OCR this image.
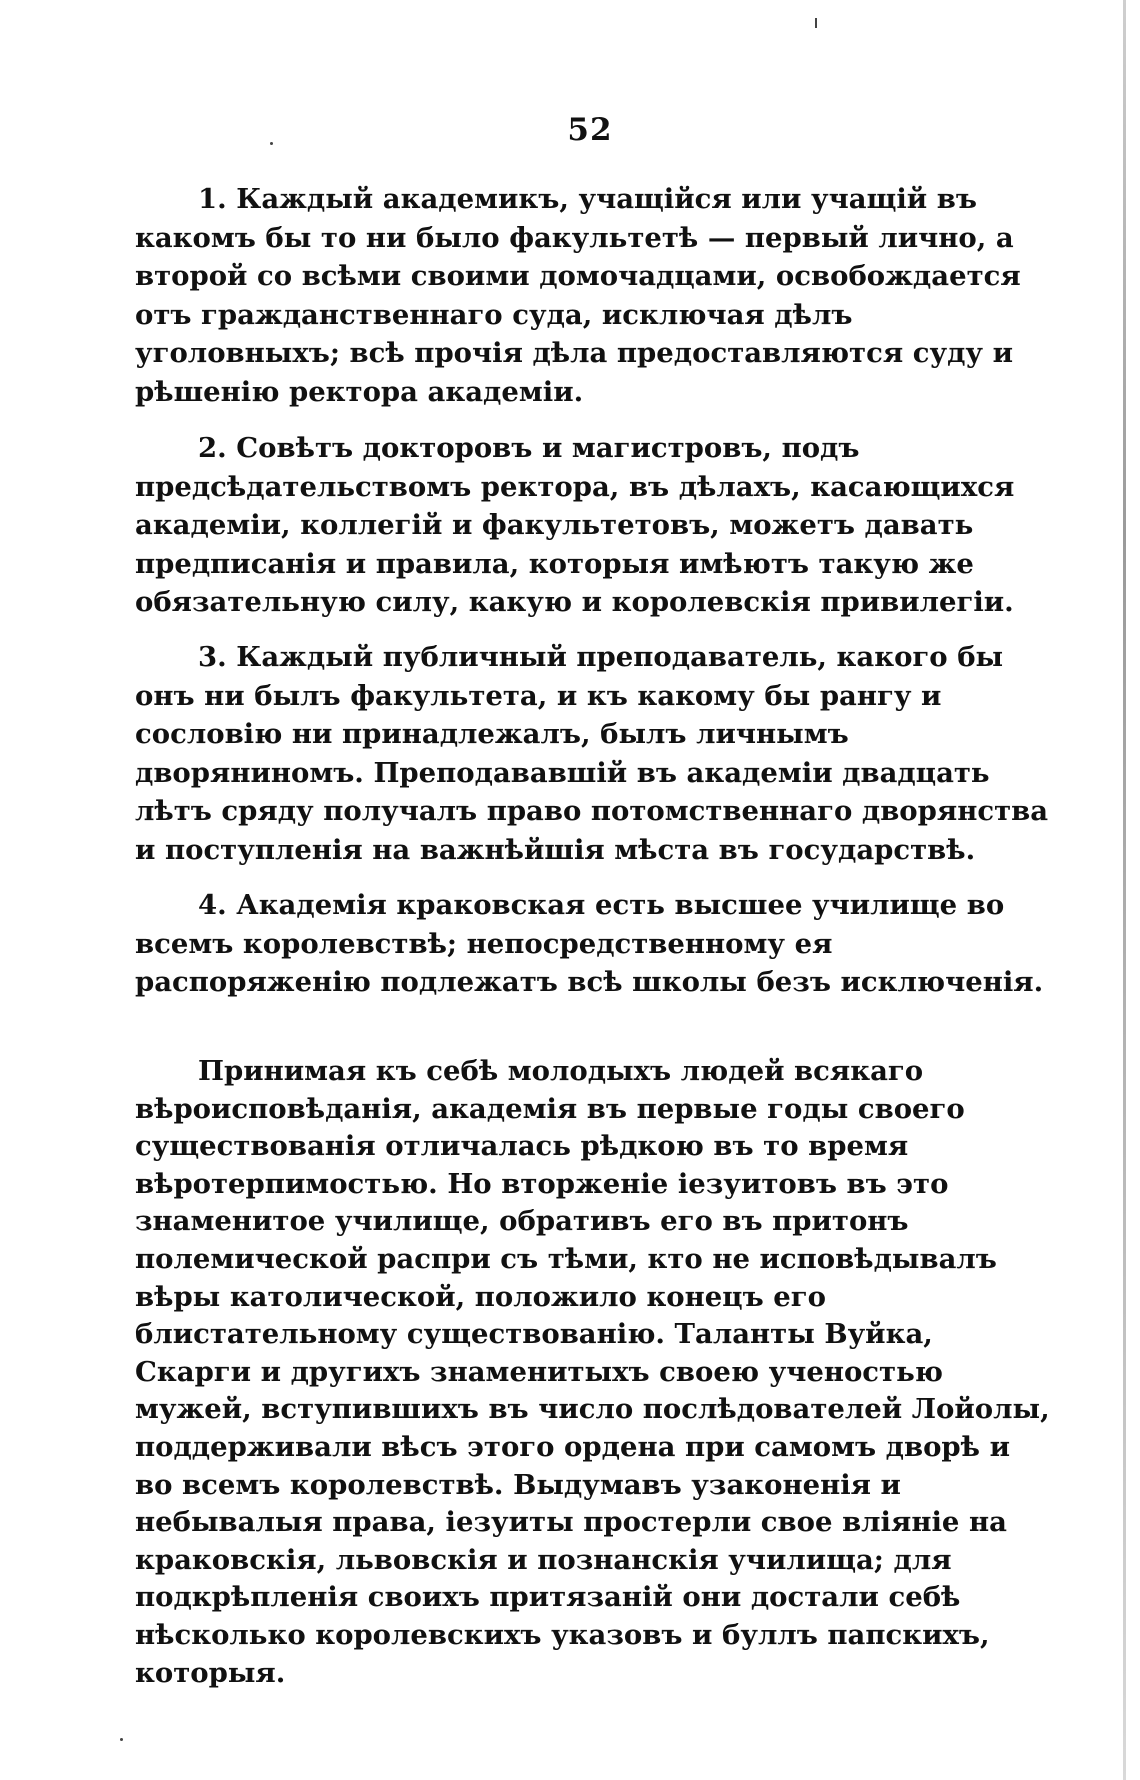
52

1. Каждый академикъ, учащійся или учащій въ какомъ бы то ни было факультетѣ — первый лично, а второй со всѣми своими домочадцами, освобождается отъ гражданственнаго суда, исключая дѣлъ уголовныхъ; всѣ прочія дѣла предоставляются суду и рѣшенію ректора академіи.

2. Совѣтъ докторовъ и магистровъ, подъ предсѣдательствомъ ректора, въ дѣлахъ, касающихся академіи, коллегій и факультетовъ, можетъ давать предписанія и правила, которыя имѣютъ такую же обязательную силу, какую и королевскія привилегіи.

3. Каждый публичный преподаватель, какого бы онъ ни былъ факультета, и къ какому бы рангу и сословію ни принадлежалъ, былъ личнымъ дворяниномъ. Преподававшій въ академіи двадцать лѣтъ сряду получалъ право потомственнаго дворянства и поступленія на важнѣйшія мѣста въ государствѣ.

4. Академія краковская есть высшее училище во всемъ королевствѣ; непосредственному ея распоряженію подлежатъ всѣ школы безъ исключенія.

Принимая къ себѣ молодыхъ людей всякаго вѣроисповѣданія, академія въ первые годы своего существованія отличалась рѣдкою въ то время вѣротерпимостью. Но вторженіе іезуитовъ въ это знаменитое училище, обративъ его въ притонъ полемической распри съ тѣми, кто не исповѣдывалъ вѣры католической, положило конецъ его блистательному существованію. Таланты Вуйка, Скарги и другихъ знаменитыхъ своею ученостью мужей, вступившихъ въ число послѣдователей Лойолы, поддерживали вѣсъ этого ордена при самомъ дворѣ и во всемъ королевствѣ. Выдумавъ узаконенія и небывалыя права, іезуиты простерли свое вліяніе на краковскія, львовскія и познанскія училища; для подкрѣпленія своихъ притязаній они достали себѣ нѣсколько королевскихъ указовъ и буллъ папскихъ, которыя.
